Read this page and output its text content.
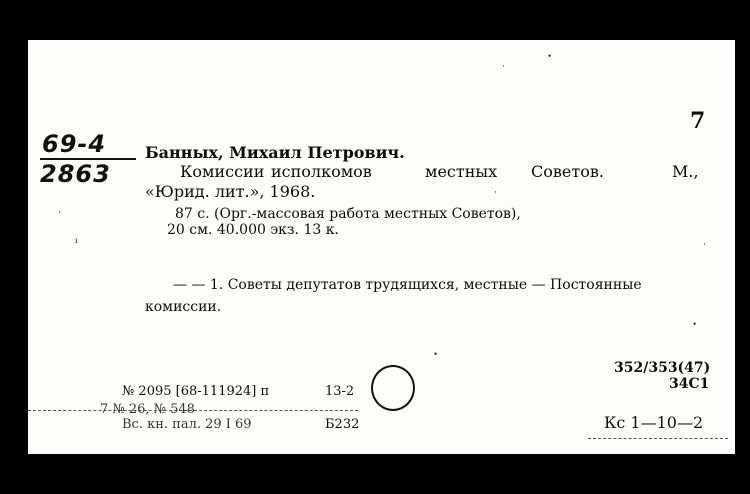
7
69-4
2863
Банных, Михаил Петрович.
Комиссии исполкомов	местных Советов.	М.,
«Юрид. лит.», 1968.
87 с. (Орг.-массовая работа местных Советов),
20 см. 40.000 экз. 13 к.
— — 1. Советы депутатов трудящихся, местные — Постоянные
комиссии.
352/353(47)
34С1
№ 2095 [68-111924] п	13-2
7 № 26, № 548
Вс. кн. пал. 29 I 69	Б232	Кс 1—10—2
•
·
·
ı
·
•
•
·
